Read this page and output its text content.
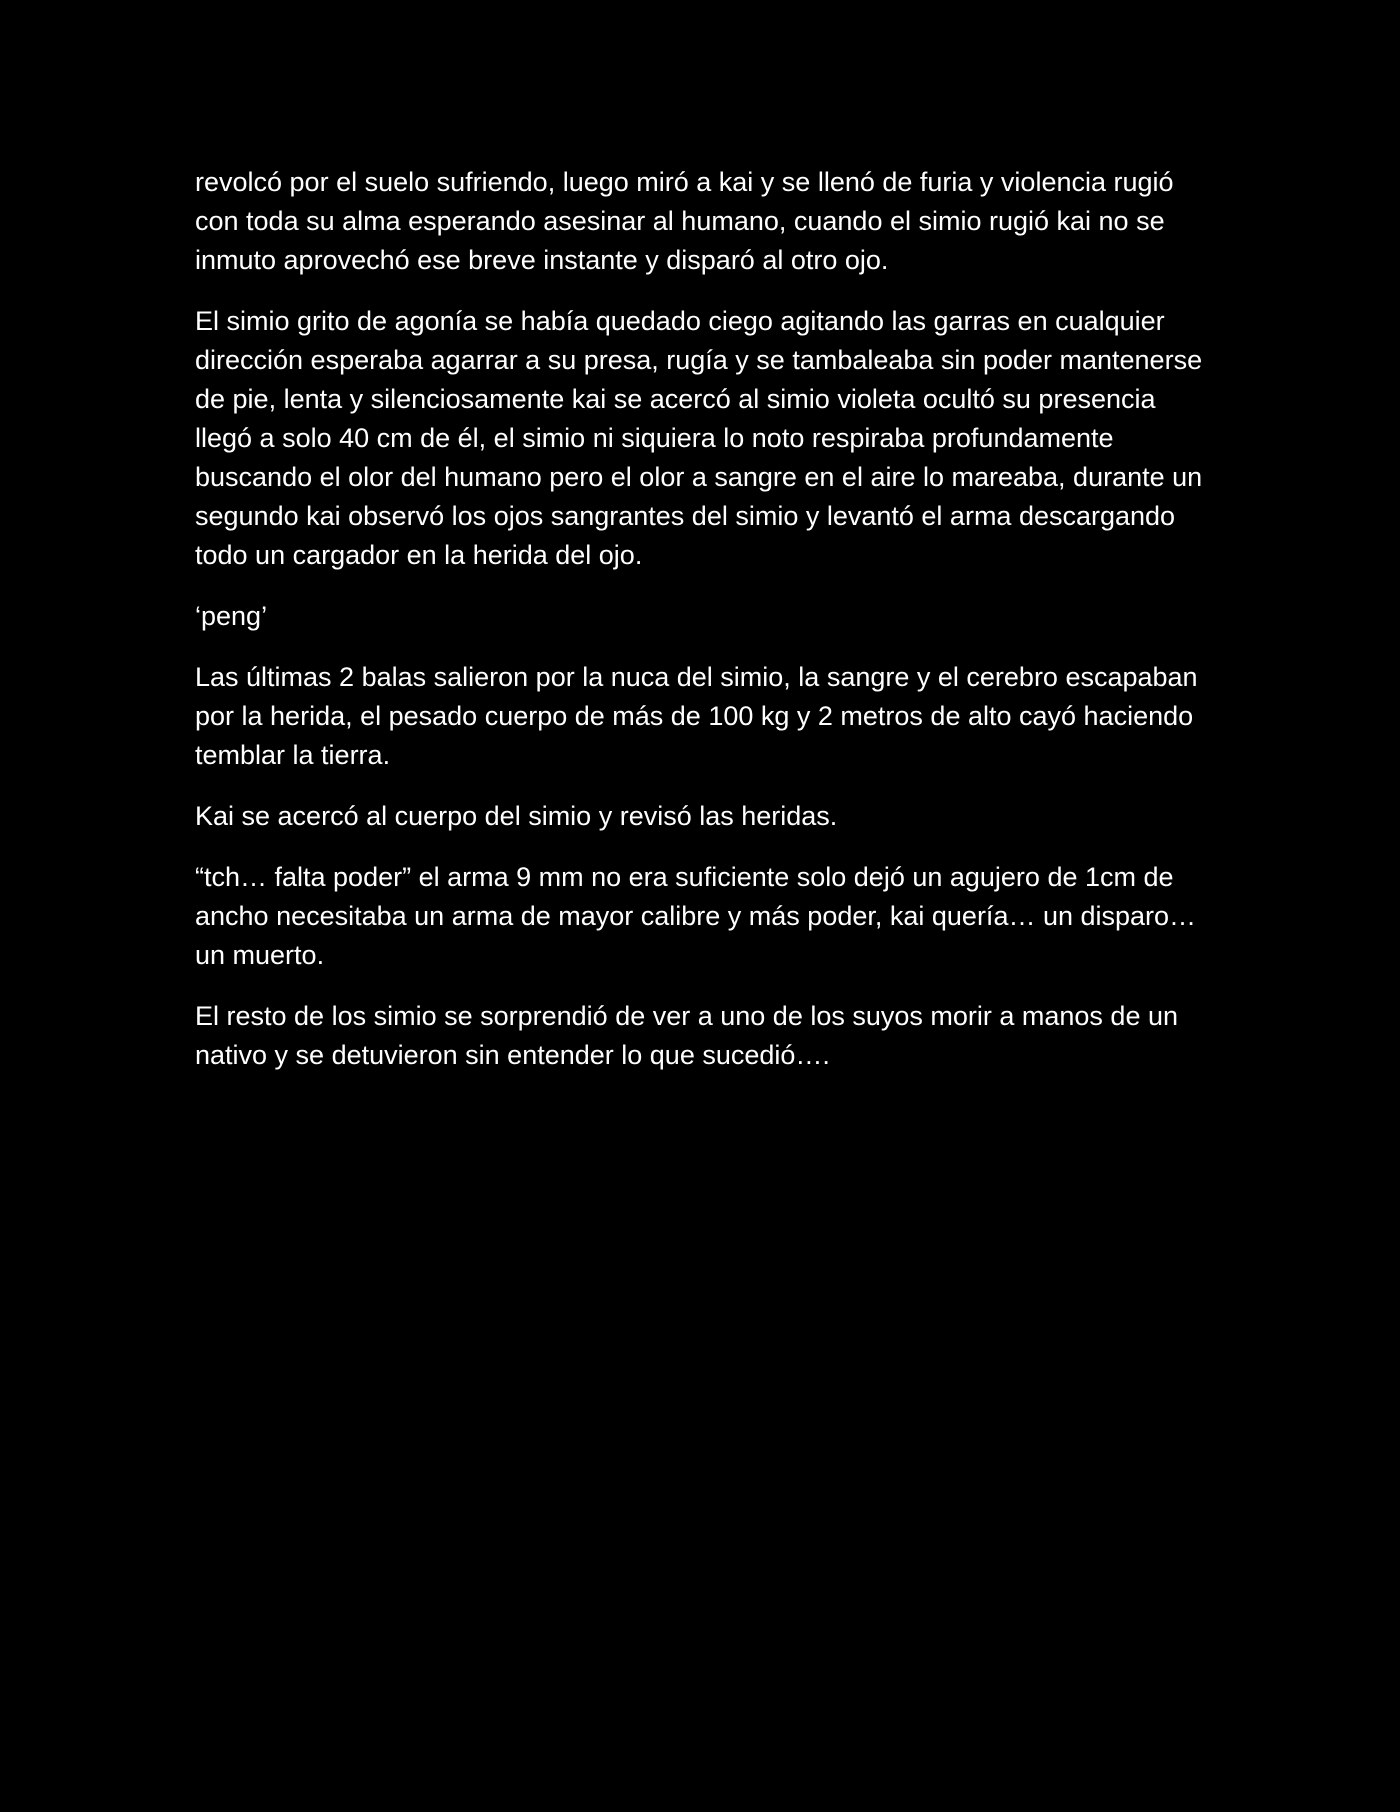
revolcó por el suelo sufriendo, luego miró a kai y se llenó de furia y violencia rugió con toda su alma esperando asesinar al humano, cuando el simio rugió kai no se inmuto aprovechó ese breve instante y disparó al otro ojo.

El simio grito de agonía se había quedado ciego agitando las garras en cualquier dirección esperaba agarrar a su presa, rugía y se tambaleaba sin poder mantenerse de pie, lenta y silenciosamente kai se acercó al simio violeta ocultó su presencia llegó a solo 40 cm de él, el simio ni siquiera lo noto respiraba profundamente buscando el olor del humano pero el olor a sangre en el aire lo mareaba, durante un segundo kai observó los ojos sangrantes del simio y levantó el arma descargando todo un cargador en la herida del ojo.

‘peng’

Las últimas 2 balas salieron por la nuca del simio, la sangre y el cerebro escapaban por la herida, el pesado cuerpo de más de 100 kg y 2 metros de alto cayó haciendo temblar la tierra.

Kai se acercó al cuerpo del simio y revisó las heridas.

“tch… falta poder” el arma 9 mm no era suficiente solo dejó un agujero de 1cm de ancho necesitaba un arma de mayor calibre y más poder, kai quería… un disparo…un muerto.

El resto de los simio se sorprendió de ver a uno de los suyos morir a manos de un nativo y se detuvieron sin entender lo que sucedió….
